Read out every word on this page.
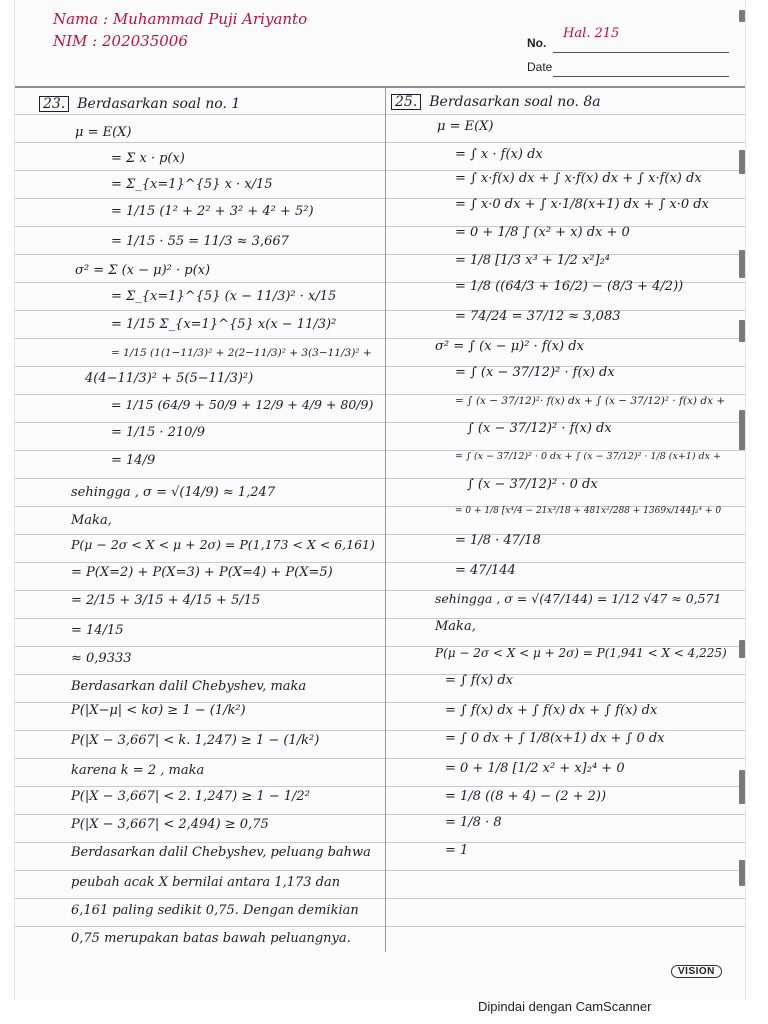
Nama : Muhammad Puji Ariyanto
NIM : 202035006	No.
Hal. 215
Date
23. Berdasarkan soal no. 1	25. Berdasarkan soal no. 8a
μ = E(X)
= Σ x · p(x)
= Σ_{x=1}^{5} x · x/15
= 1/15 (1² + 2² + 3² + 4² + 5²)
= 1/15 · 55 = 11/3 ≈ 3,667
σ² = Σ (x − μ)² · p(x)
= Σ_{x=1}^{5} (x − 11/3)² · x/15
= 1/15 Σ_{x=1}^{5} x(x − 11/3)²
= 1/15 (1(1−11/3)² + 2(2−11/3)² + 3(3−11/3)² +
4(4−11/3)² + 5(5−11/3)²)
= 1/15 (64/9 + 50/9 + 12/9 + 4/9 + 80/9)
= 1/15 · 210/9
= 14/9
sehingga , σ = √(14/9) ≈ 1,247
Maka,
P(μ − 2σ < X < μ + 2σ) = P(1,173 < X < 6,161)
= P(X=2) + P(X=3) + P(X=4) + P(X=5)
= 2/15 + 3/15 + 4/15 + 5/15
= 14/15
≈ 0,9333
Berdasarkan dalil Chebyshev, maka
P(|X−μ| < kσ) ≥ 1 − (1/k²)
P(|X − 3,667| < k. 1,247) ≥ 1 − (1/k²)
karena k = 2 , maka
P(|X − 3,667| < 2. 1,247) ≥ 1 − 1/2²
P(|X − 3,667| < 2,494) ≥ 0,75
Berdasarkan dalil Chebyshev, peluang bahwa
peubah acak X bernilai antara 1,173 dan
6,161 paling sedikit 0,75. Dengan demikian
0,75 merupakan batas bawah peluangnya.
μ = E(X)
= ∫ x · f(x) dx
= ∫ x·f(x) dx + ∫ x·f(x) dx + ∫ x·f(x) dx
= ∫ x·0 dx + ∫ x·1/8(x+1) dx + ∫ x·0 dx
= 0 + 1/8 ∫ (x² + x) dx + 0
= 1/8 [1/3 x³ + 1/2 x²]₂⁴
= 1/8 ((64/3 + 16/2) − (8/3 + 4/2))
= 74/24 = 37/12 ≈ 3,083
σ² = ∫ (x − μ)² · f(x) dx
= ∫ (x − 37/12)² · f(x) dx
= ∫ (x − 37/12)²· f(x) dx + ∫ (x − 37/12)² · f(x) dx +
∫ (x − 37/12)² · f(x) dx
= ∫ (x − 37/12)² · 0 dx + ∫ (x − 37/12)² · 1/8 (x+1) dx +
∫ (x − 37/12)² · 0 dx
= 0 + 1/8 [x⁴/4 − 21x³/18 + 481x²/288 + 1369x/144]₂⁴ + 0
= 1/8 · 47/18
= 47/144
sehingga , σ = √(47/144) = 1/12 √47 ≈ 0,571
Maka,
P(μ − 2σ < X < μ + 2σ) = P(1,941 < X < 4,225)
= ∫ f(x) dx
= ∫ f(x) dx + ∫ f(x) dx + ∫ f(x) dx
= ∫ 0 dx + ∫ 1/8(x+1) dx + ∫ 0 dx
= 0 + 1/8 [1/2 x² + x]₂⁴ + 0
= 1/8 ((8 + 4) − (2 + 2))
= 1/8 · 8
= 1
VISION
Dipindai dengan CamScanner
